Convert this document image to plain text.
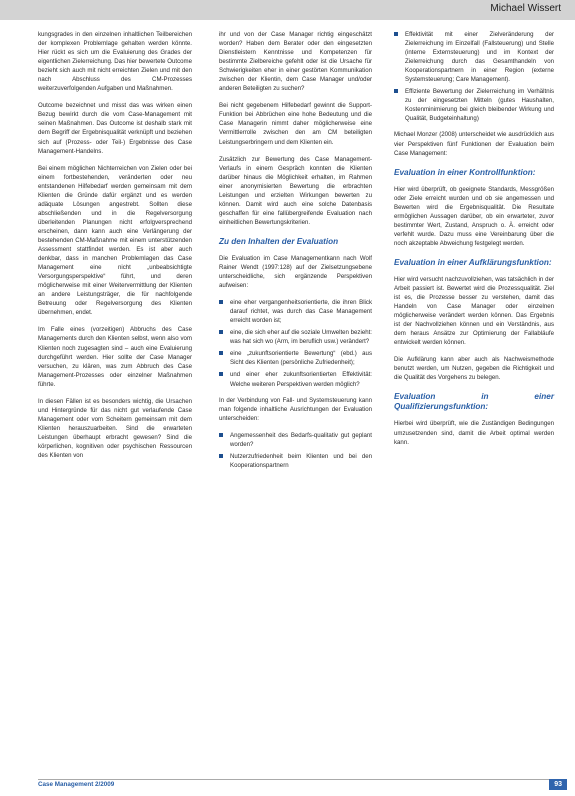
Michael Wissert

kungsgrades in den einzelnen inhaltlichen Teilbereichen der komplexen Problemlage gehalten werden könnte. Hier rückt es sich um die Evaluierung des Grades der eigentlichen Zielerreichung. Das hier bewertete Outcome bezieht sich auch mit nicht erreichten Zielen und mit den nach Abschluss des CM-Prozesses weiterzuverfolgenden Aufgaben und Maßnahmen.

Outcome bezeichnet und misst das was wirken einen Bezug bewirkt durch die vom Case-Management mit seinen Maßnahmen. Das Outcome ist deshalb stark mit dem Begriff der Ergebnisqualität verknüpft und beziehen sich auf (Prozess- oder Teil-) Ergebnisse des Case Management-Handelns.

Bei einem möglichen Nichterreichen von Zielen oder bei einem fortbestehenden, veränderten oder neu entstandenen Hilfebedarf werden gemeinsam mit dem Klienten die Gründe dafür ergänzt und es werden adäquate Lösungen angestrebt. Sollten diese abschließenden und in die Regelversorgung überleitenden Planungen nicht erfolgversprechend erscheinen, dann kann auch eine Verlängerung der bestehenden CM-Maßnahme mit einem unterstützenden Assessment stattfindet werden. Es ist aber auch denkbar, dass in manchen Problemlagen das Case Management eine nicht „unbeabsichtigte Versorgungsperspektive“ führt, und deren möglicherweise mit einer Weitervermittlung der Klienten an andere Leistungsträger, die für nachfolgende Betreuung oder Regelversorgung des Klienten übernehmen, endet.

Im Falle eines (vorzeitigen) Abbruchs des Case Managements durch den Klienten selbst, wenn also vom Klienten noch zugesagten sind – auch eine Evaluierung durchgeführt werden. Hier sollte der Case Manager versuchen, zu klären, was zum Abbruch des Case Management-Prozesses oder einzelner Maßnahmen führte.

In diesen Fällen ist es besonders wichtig, die Ursachen und Hintergründe für das nicht gut verlaufende Case Management oder vom Scheitern gemeinsam mit dem Klienten herauszuarbeiten. Sind die erwarteten Leistungen überhaupt erbracht gewesen? Sind die körperlichen, kognitiven oder psychischen Ressourcen des Klienten von

ihr und von der Case Manager richtig eingeschätzt worden? Haben dem Berater oder den eingesetzten Dienstleistern Kenntnisse und Kompetenzen für bestimmte Zielbereiche gefehlt oder ist die Ursache für Schwierigkeiten eher in einer gestörten Kommunikation zwischen der Klientin, dem Case Manager und/oder anderen Beteiligten zu suchen?

Bei nicht gegebenem Hilfebedarf gewinnt die Support-Funktion bei Abbrüchen eine hohe Bedeutung und die Case Managerin nimmt daher möglicherweise eine Vermittlerrolle zwischen den am CM beteiligten Leistungserbringern und dem Klienten ein.

Zusätzlich zur Bewertung des Case Management-Verlaufs in einem Gespräch konnten die Klienten darüber hinaus die Möglichkeit erhalten, im Rahmen einer anonymisierten Bewertung die erbrachten Leistungen und erzielten Wirkungen bewerten zu können. Damit wird auch eine solche Datenbasis geschaffen für eine fallübergreifende Evaluation nach einheitlichen Bewertungskriterien.

Zu den Inhalten der Evaluation

Die Evaluation im Case Managementkann nach Wolf Rainer Wendt (1997:128) auf der Zielsetzungsebene unterscheidliche, sich ergänzende Perspektiven aufweisen:

eine eher vergangenheitsorientierte, die ihren Blick darauf richtet, was durch das Case Management erreicht worden ist;
eine, die sich eher auf die soziale Umwelten bezieht: was hat sich wo (Arm, im beruflich usw.) verändert?
eine „zukunftsorientierte Bewertung“ (ebd.) aus Sicht des Klienten (persönliche Zufriedenheit);
und einer eher zukunftsorientierten Effektivität: Welche weiteren Perspektiven werden möglich?

In der Verbindung von Fall- und Systemsteuerung kann man folgende inhaltliche Ausrichtungen der Evaluation unterscheiden:

Angemessenheit des Bedarfs-qualitativ gut geplant worden?
Nutzerzufriedenheit beim Klienten und bei den Kooperationspartnern
Effektivität mit einer Zielveränderung der Zielerreichung im Einzelfall (Fallsteuerung) und Stelle (interne Externsteuerung) und im Kontext der Zielerreichung durch das Gesamthandeln von Kooperationspartnern in einer Region (externe Systemsteuerung; Care Management).
Effiziente Bewertung der Zielerreichung im Verhältnis zu der eingesetzten Mitteln (gutes Haushalten, Kostenminimierung bei gleich bleibender Wirkung und Qualität, Budgeteinhaltung)

Michael Monzer (2008) unterscheidet wie ausdrücklich aus vier Perspektiven fünf Funktionen der Evaluation beim Case Management:

Evaluation in einer Kontrollfunktion:

Hier wird überprüft, ob geeignete Standards, Messgrößen oder Ziele erreicht wurden und ob sie angemessen und Bewerten wird die Ergebnisqualität. Die Resultate ermöglichen Aussagen darüber, ob ein erwarteter, zuvor bestimmter Wert, Zustand, Anspruch o. Ä. erreicht oder verfehlt wurde. Dazu muss eine Vereinbarung über die noch akzeptable Abweichung festgelegt werden.

Evaluation in einer Aufklärungsfunktion:

Hier wird versucht nachzuvollziehen, was tatsächlich in der Arbeit passiert ist. Bewertet wird die Prozessqualität. Ziel ist es, die Prozesse besser zu verstehen, damit das Handeln von Case Manager oder einzelnen möglicherweise verändert werden können. Das Ergebnis ist der Nachvollziehen können und ein Verständnis, aus dem heraus Ansätze zur Optimierung der Fallabläufe entwickelt werden können.

Die Aufklärung kann aber auch als Nachweismethode benutzt werden, um Nutzen, gegeben die Richtigkeit und die Qualität des Vorgehens zu belegen.

Evaluation in einer Qualifizierungsfunktion:

Hierbei wird überprüft, wie die Zuständigen Bedingungen umzusetzenden sind, damit die Arbeit optimal werden kann.

Case Management 2/2009	93
